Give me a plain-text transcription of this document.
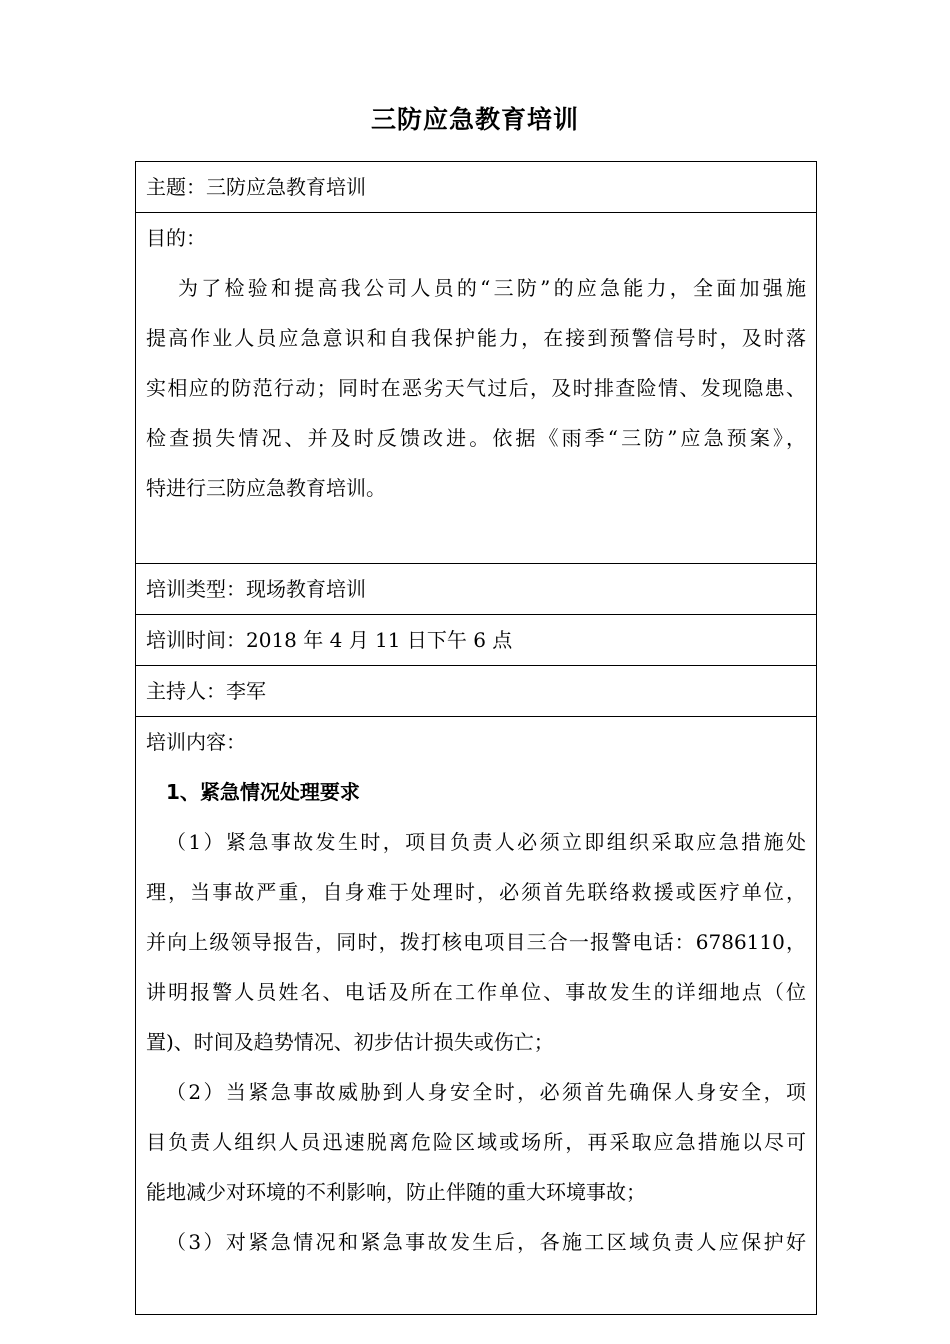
三防应急教育培训
主题：三防应急教育培训

目的：
为了检验和提高我公司人员的“三防”的应急能力，全面加强施
提高作业人员应急意识和自我保护能力，在接到预警信号时，及时落
实相应的防范行动；同时在恶劣天气过后，及时排查险情、发现隐患、
检查损失情况、并及时反馈改进。依据《雨季“三防”应急预案》，
特进行三防应急教育培训。

培训类型：现场教育培训
培训时间：2018 年 4 月 11 日下午 6 点
主持人：李军

培训内容：
1、紧急情况处理要求
（1）紧急事故发生时，项目负责人必须立即组织采取应急措施处
理，当事故严重，自身难于处理时，必须首先联络救援或医疗单位，
并向上级领导报告，同时，拨打核电项目三合一报警电话：6786110，
讲明报警人员姓名、电话及所在工作单位、事故发生的详细地点（位
置)、时间及趋势情况、初步估计损失或伤亡；
（2）当紧急事故威胁到人身安全时，必须首先确保人身安全，项
目负责人组织人员迅速脱离危险区域或场所，再采取应急措施以尽可
能地减少对环境的不利影响，防止伴随的重大环境事故；
（3）对紧急情况和紧急事故发生后，各施工区域负责人应保护好
